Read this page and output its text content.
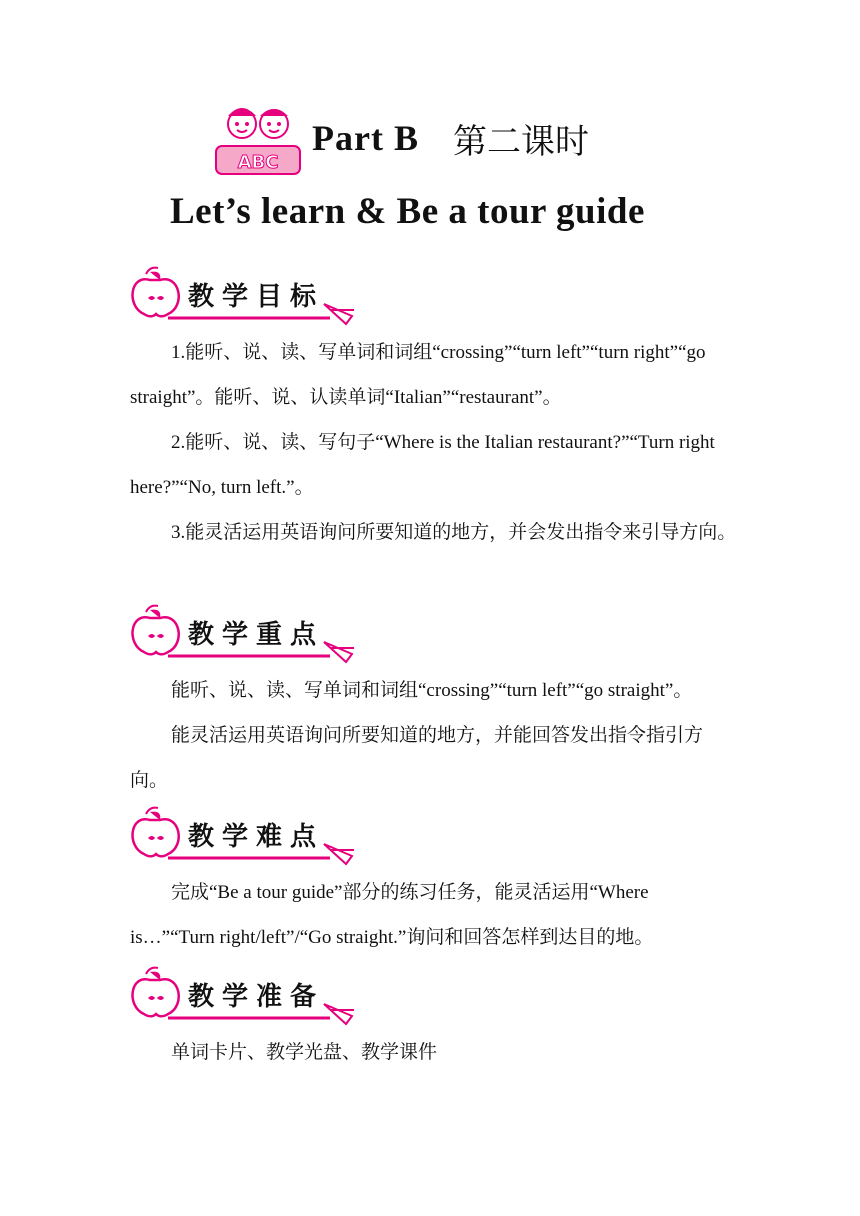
ABC
Part B 第二课时
Let’s learn & Be a tour guide
教学目标

1.能听、说、读、写单词和词组“crossing”“turn left”“turn right”“go straight”。能听、说、认读单词“Italian”“restaurant”。

2.能听、说、读、写句子“Where is the Italian restaurant?”“Turn right here?”“No, turn left.”。

3.能灵活运用英语询问所要知道的地方，并会发出指令来引导方向。

教学重点

能听、说、读、写单词和词组“crossing”“turn left”“go straight”。

能灵活运用英语询问所要知道的地方，并能回答发出指令指引方向。

教学难点

完成“Be a tour guide”部分的练习任务，能灵活运用“Where is…”“Turn right/left”/“Go straight.”询问和回答怎样到达目的地。

教学准备

单词卡片、教学光盘、教学课件
